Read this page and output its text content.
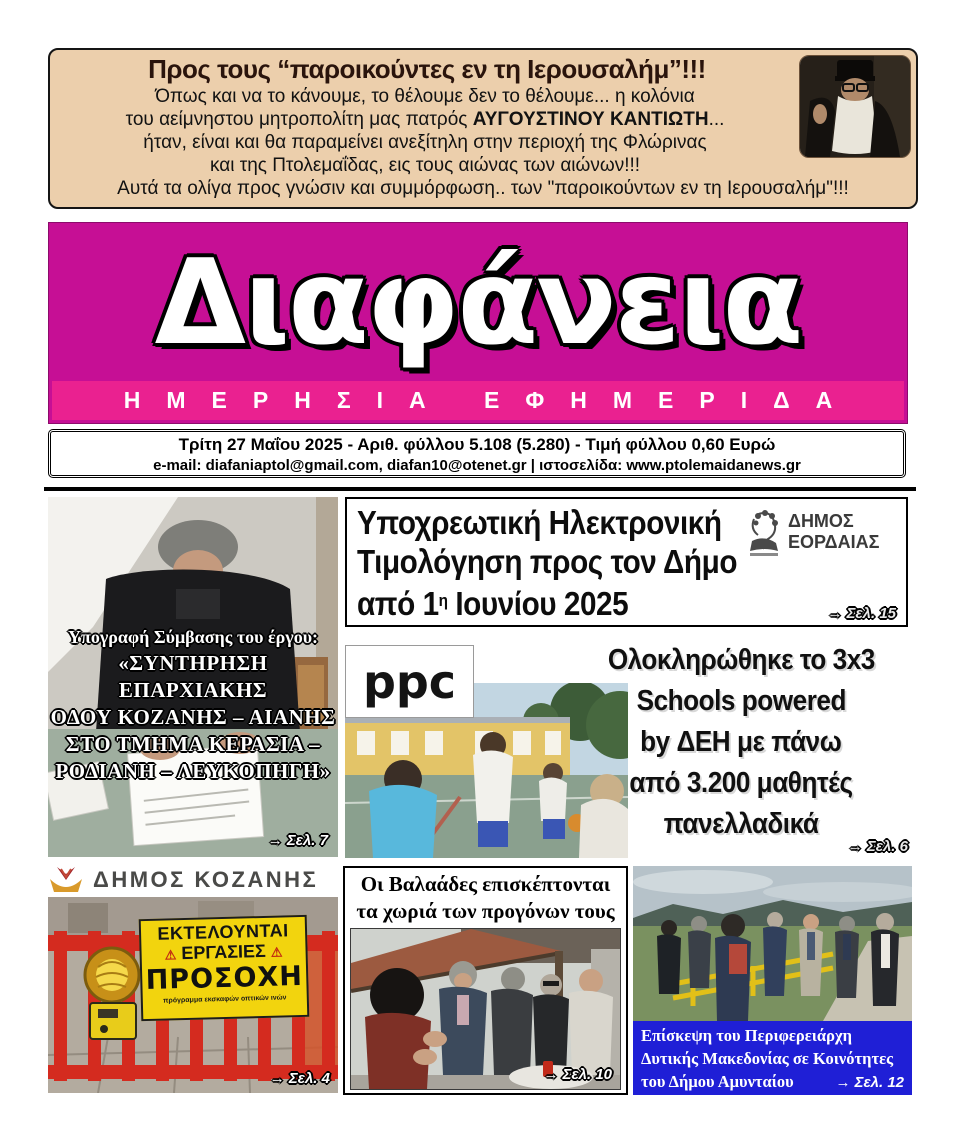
Προς τους “παροικούντες εν τη Ιερουσαλήμ”!!!
Όπως και να το κάνουμε, το θέλουμε δεν το θέλουμε... η κολόνια
του αείμνηστου μητροπολίτη μας πατρός ΑΥΓΟΥΣΤΙΝΟΥ ΚΑΝΤΙΩΤΗ...
ήταν, είναι και θα παραμείνει ανεξίτηλη στην περιοχή της Φλώρινας
και της Πτολεμαΐδας, εις τους αιώνας των αιώνων!!!
Αυτά τα ολίγα προς γνώσιν και συμμόρφωση.. των "παροικούντων εν τη Ιερουσαλήμ"!!!
Διαφάνεια
ΗΜΕΡΗΣΙΑ ΕΦΗΜΕΡΙΔΑ
Τρίτη 27 Μαΐου 2025 - Αριθ. φύλλου 5.108 (5.280) - Τιμή φύλλου 0,60 Ευρώ
e-mail: diafaniaptol@gmail.com, diafan10@otenet.gr | ιστοσελίδα: www.ptolemaidanews.gr
Υπογραφή Σύμβασης του έργου:
«ΣΥΝΤΗΡΗΣΗ ΕΠΑΡΧΙΑΚΗΣ
ΟΔΟΥ ΚΟΖΑΝΗΣ – ΑΙΑΝΗΣ
ΣΤΟ ΤΜΗΜΑ ΚΕΡΑΣΙΑ –
ΡΟΔΙΑΝΗ – ΛΕΥΚΟΠΗΓΗ»
→ Σελ. 7
Υποχρεωτική Ηλεκτρονική
Τιμολόγηση προς τον Δήμο
από $1^\eta$ Ιουνίου 2025
ΔΗΜΟΣ
ΕΟΡΔΑΙΑΣ
→ Σελ. 15
ppc	Ολοκληρώθηκε το 3x3
Schools powered
by ΔΕΗ με πάνω
από 3.200 μαθητές
πανελλαδικά
→ Σελ. 6
ΔΗΜΟΣ ΚΟΖΑΝΗΣ
ΕΚΤΕΛΟΥΝΤΑΙ
⚠ ΕΡΓΑΣΙΕΣ ⚠
ΠΡΟΣΟΧΗ
πρόγραμμα εκσκαφών οπτικών ινών
→ Σελ. 4
Οι Βαλαάδες επισκέπτονται
τα χωριά των προγόνων τους
→ Σελ. 10
Επίσκεψη του Περιφερειάρχη
Δυτικής Μακεδονίας σε Κοινότητες
του Δήμου Αμυνταίου	→ Σελ. 12
